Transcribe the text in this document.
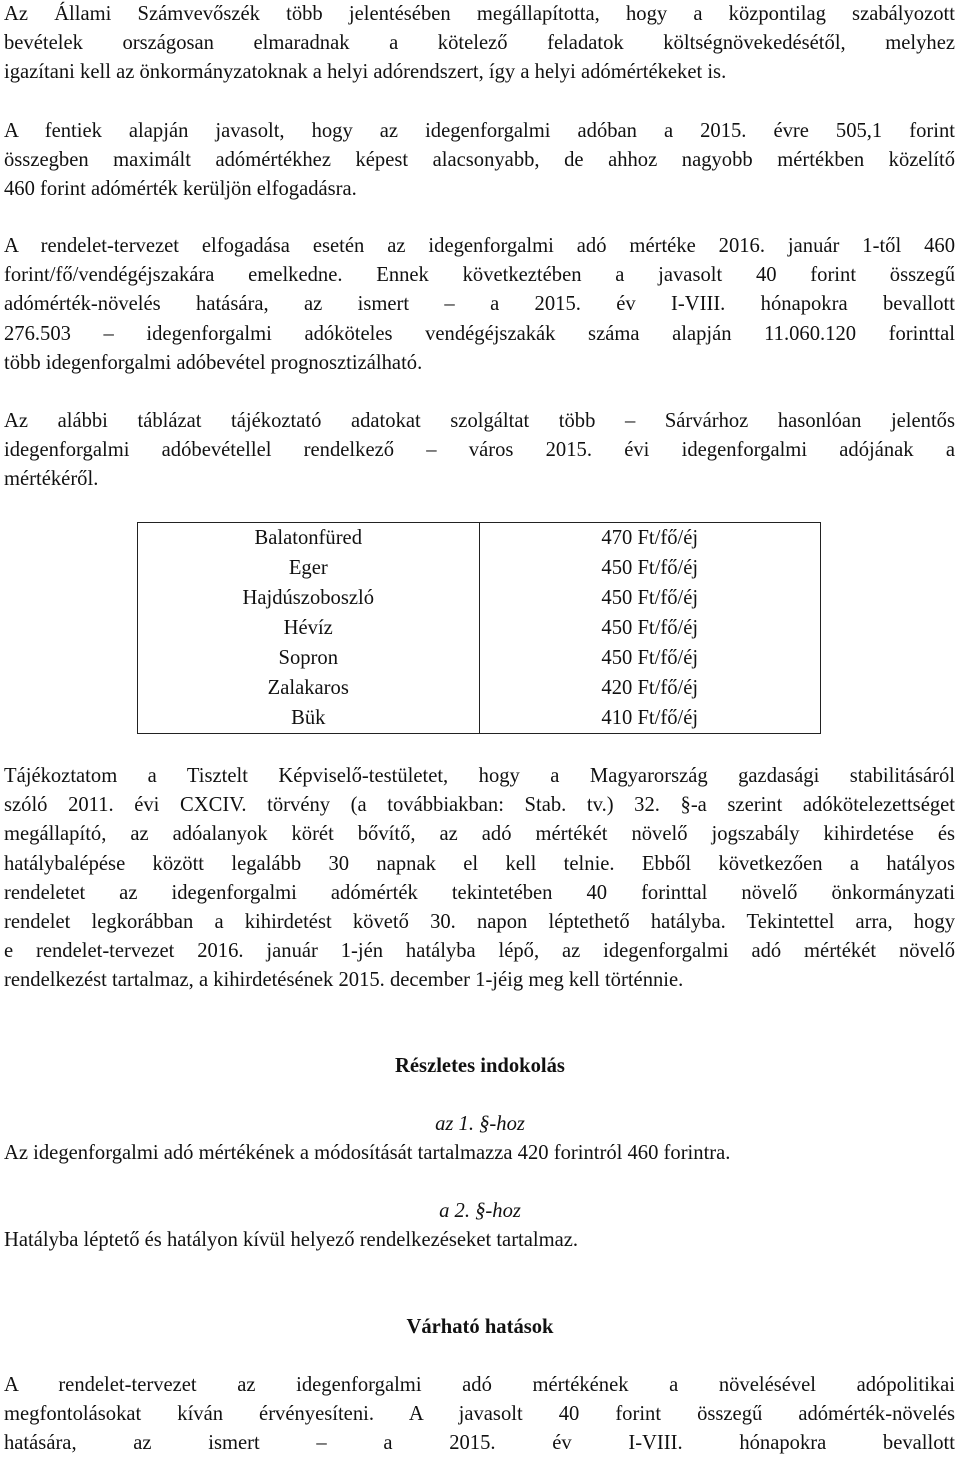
Az Állami Számvevőszék több jelentésében megállapította, hogy a központilag szabályozott
bevételek országosan elmaradnak a kötelező feladatok költségnövekedésétől, melyhez
igazítani kell az önkormányzatoknak a helyi adórendszert, így a helyi adómértékeket is.
A fentiek alapján javasolt, hogy az idegenforgalmi adóban a 2015. évre 505,1 forint
összegben maximált adómértékhez képest alacsonyabb, de ahhoz nagyobb mértékben közelítő
460 forint adómérték kerüljön elfogadásra.
A rendelet-tervezet elfogadása esetén az idegenforgalmi adó mértéke 2016. január 1-től 460
forint/fő/vendégéjszakára emelkedne. Ennek következtében a javasolt 40 forint összegű
adómérték-növelés hatására, az ismert – a 2015. év I-VIII. hónapokra bevallott
276.503 – idegenforgalmi adóköteles vendégéjszakák száma alapján 11.060.120 forinttal
több idegenforgalmi adóbevétel prognosztizálható.
Az alábbi táblázat tájékoztató adatokat szolgáltat több – Sárvárhoz hasonlóan jelentős
idegenforgalmi adóbevétellel rendelkező – város 2015. évi idegenforgalmi adójának a
mértékéről.
Balatonfüred	470 Ft/fő/éj
Eger	450 Ft/fő/éj
Hajdúszoboszló	450 Ft/fő/éj
Hévíz	450 Ft/fő/éj
Sopron	450 Ft/fő/éj
Zalakaros	420 Ft/fő/éj
Bük	410 Ft/fő/éj
Tájékoztatom a Tisztelt Képviselő-testületet, hogy a Magyarország gazdasági stabilitásáról
szóló 2011. évi CXCIV. törvény (a továbbiakban: Stab. tv.) 32. §-a szerint adókötelezettséget
megállapító, az adóalanyok körét bővítő, az adó mértékét növelő jogszabály kihirdetése és
hatálybalépése között legalább 30 napnak el kell telnie. Ebből következően a hatályos
rendeletet az idegenforgalmi adómérték tekintetében 40 forinttal növelő önkormányzati
rendelet legkorábban a kihirdetést követő 30. napon léptethető hatályba. Tekintettel arra, hogy
e rendelet-tervezet 2016. január 1-jén hatályba lépő, az idegenforgalmi adó mértékét növelő
rendelkezést tartalmaz, a kihirdetésének 2015. december 1-jéig meg kell történnie.

Részletes indokolás

az 1. §-hoz

Az idegenforgalmi adó mértékének a módosítását tartalmazza 420 forintról 460 forintra.

a 2. §-hoz

Hatályba léptető és hatályon kívül helyező rendelkezéseket tartalmaz.

Várható hatások

A rendelet-tervezet az idegenforgalmi adó mértékének a növelésével adópolitikai
megfontolásokat kíván érvényesíteni. A javasolt 40 forint összegű adómérték-növelés
hatására, az ismert – a 2015. év I-VIII. hónapokra bevallott
